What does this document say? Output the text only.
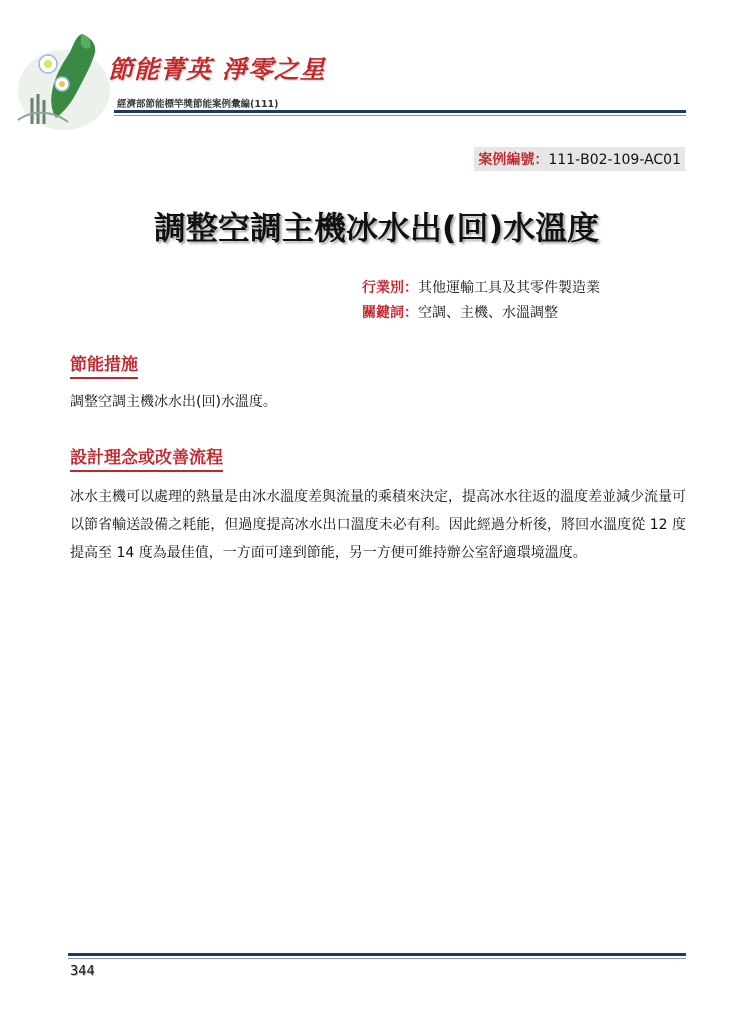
節能菁英 淨零之星
經濟部節能標竿獎節能案例彙編(111)
案例編號：111-B02-109-AC01
調整空調主機冰水出(回)水溫度
行業別：其他運輸工具及其零件製造業
關鍵詞：空調、主機、水溫調整
節能措施
調整空調主機冰水出(回)水溫度。
設計理念或改善流程
冰水主機可以處理的熱量是由冰水溫度差與流量的乘積來決定，提高冰水往返的溫度差並減少流量可以節省輸送設備之耗能，但過度提高冰水出口溫度未必有利。因此經過分析後，將回水溫度從 12 度提高至 14 度為最佳值，一方面可達到節能，另一方便可維持辦公室舒適環境溫度。
344
